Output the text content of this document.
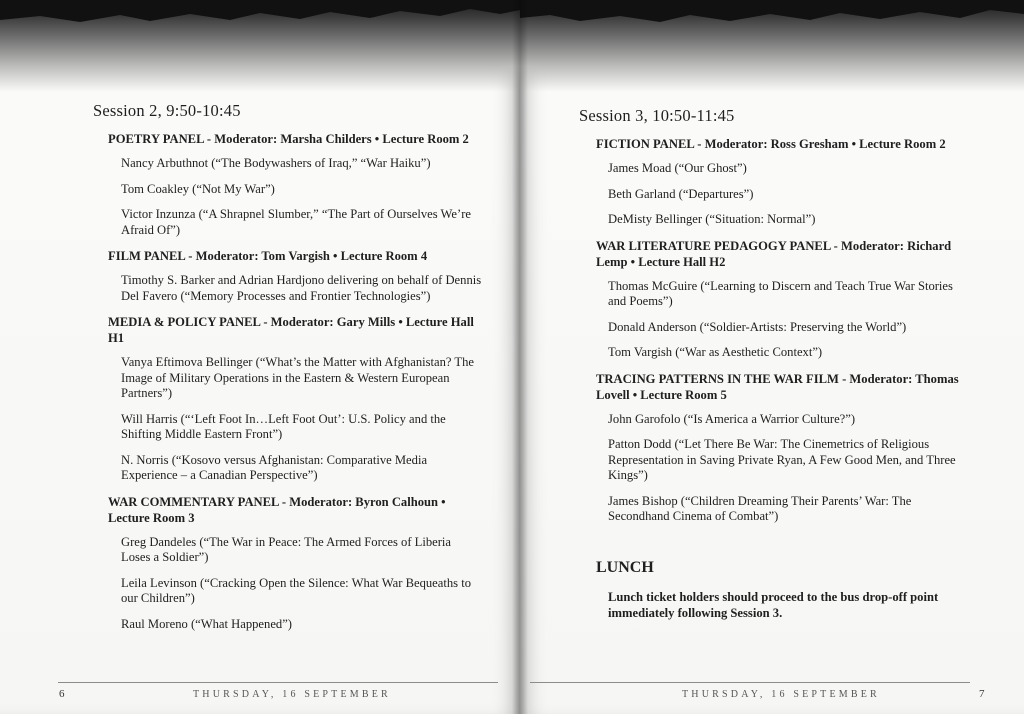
Session 2, 9:50-10:45
POETRY PANEL - Moderator: Marsha Childers • Lecture Room 2
Nancy Arbuthnot (“The Bodywashers of Iraq,” “War Haiku”)
Tom Coakley (“Not My War”)
Victor Inzunza (“A Shrapnel Slumber,” “The Part of Ourselves We’re Afraid Of”)
FILM PANEL - Moderator: Tom Vargish • Lecture Room 4
Timothy S. Barker and Adrian Hardjono delivering on behalf of Dennis Del Favero (“Memory Processes and Frontier Technologies”)
MEDIA & POLICY PANEL - Moderator: Gary Mills • Lecture Hall H1
Vanya Eftimova Bellinger (“What’s the Matter with Afghanistan? The Image of Military Operations in the Eastern & Western European Partners”)
Will Harris (“‘Left Foot In…Left Foot Out’: U.S. Policy and the Shifting Middle Eastern Front”)
N. Norris (“Kosovo versus Afghanistan: Comparative Media Experience – a Canadian Perspective”)
WAR COMMENTARY PANEL - Moderator: Byron Calhoun • Lecture Room 3
Greg Dandeles (“The War in Peace: The Armed Forces of Liberia Loses a Soldier”)
Leila Levinson (“Cracking Open the Silence: What War Bequeaths to our Children”)
Raul Moreno (“What Happened”)
6	THURSDAY, 16 SEPTEMBER
Session 3, 10:50-11:45
FICTION PANEL - Moderator: Ross Gresham • Lecture Room 2
James Moad (“Our Ghost”)
Beth Garland (“Departures”)
DeMisty Bellinger (“Situation: Normal”)
WAR LITERATURE PEDAGOGY PANEL - Moderator: Richard Lemp • Lecture Hall H2
Thomas McGuire (“Learning to Discern and Teach True War Stories and Poems”)
Donald Anderson (“Soldier-Artists: Preserving the World”)
Tom Vargish (“War as Aesthetic Context”)
TRACING PATTERNS IN THE WAR FILM - Moderator: Thomas Lovell • Lecture Room 5
John Garofolo (“Is America a Warrior Culture?”)
Patton Dodd (“Let There Be War: The Cinemetrics of Religious Representation in Saving Private Ryan, A Few Good Men, and Three Kings”)
James Bishop (“Children Dreaming Their Parents’ War: The Secondhand Cinema of Combat”)
LUNCH
Lunch ticket holders should proceed to the bus drop-off point immediately following Session 3.
THURSDAY, 16 SEPTEMBER	7
